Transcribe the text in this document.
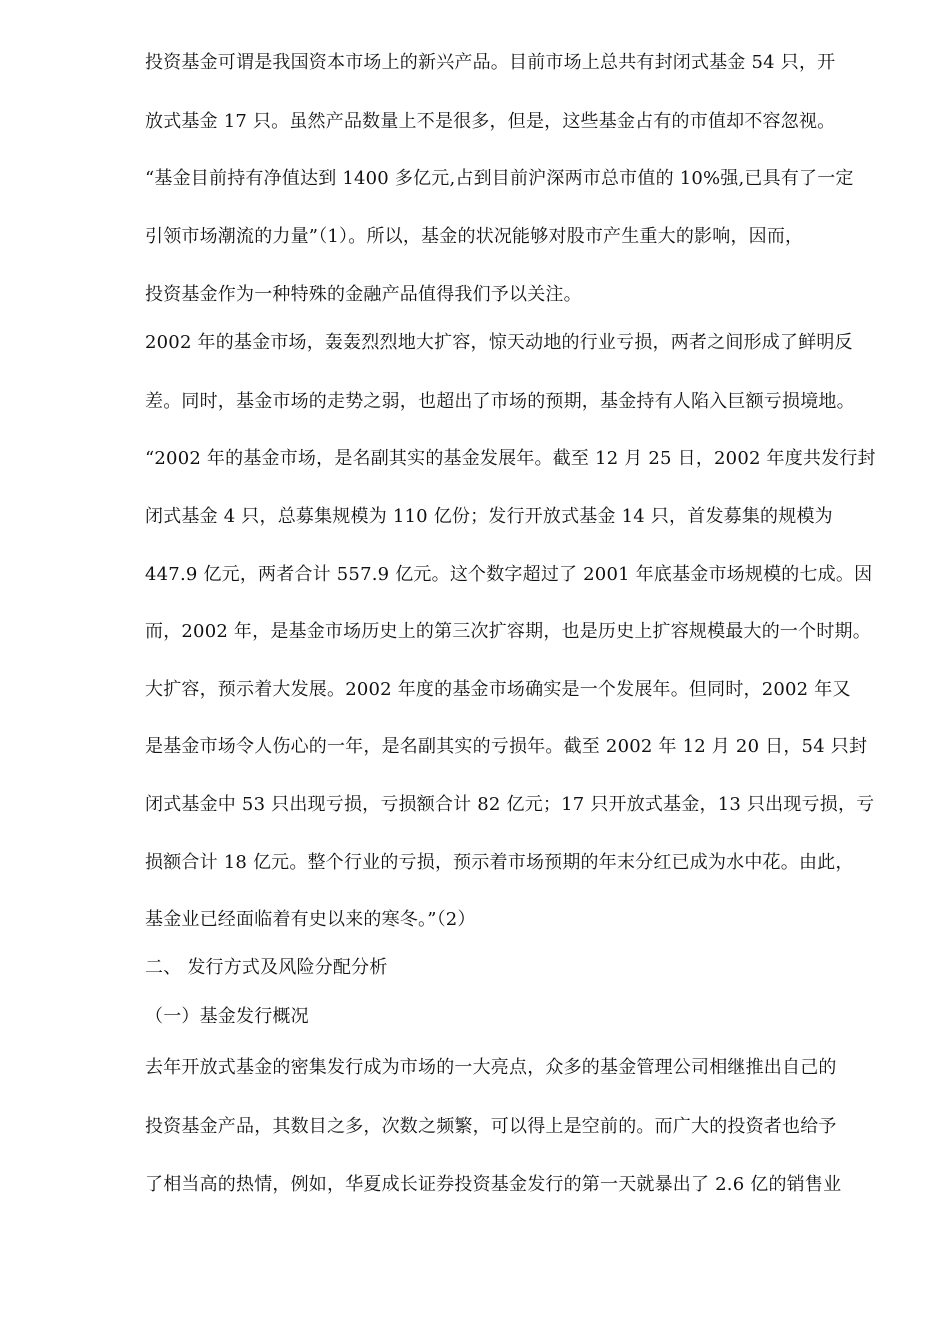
投资基金可谓是我国资本市场上的新兴产品。目前市场上总共有封闭式基金 54 只，开
放式基金 17 只。虽然产品数量上不是很多，但是，这些基金占有的市值却不容忽视。
“基金目前持有净值达到 1400 多亿元,占到目前沪深两市总市值的 10%强,已具有了一定
引领市场潮流的力量”（1）。所以，基金的状况能够对股市产生重大的影响，因而，
投资基金作为一种特殊的金融产品值得我们予以关注。
2002 年的基金市场，轰轰烈烈地大扩容，惊天动地的行业亏损，两者之间形成了鲜明反
差。同时，基金市场的走势之弱，也超出了市场的预期，基金持有人陷入巨额亏损境地。
“2002 年的基金市场，是名副其实的基金发展年。截至 12 月 25 日，2002 年度共发行封
闭式基金 4 只，总募集规模为 110 亿份；发行开放式基金 14 只，首发募集的规模为
447.9 亿元，两者合计 557.9 亿元。这个数字超过了 2001 年底基金市场规模的七成。因
而，2002 年，是基金市场历史上的第三次扩容期，也是历史上扩容规模最大的一个时期。
大扩容，预示着大发展。2002 年度的基金市场确实是一个发展年。但同时，2002 年又
是基金市场令人伤心的一年，是名副其实的亏损年。截至 2002 年 12 月 20 日，54 只封
闭式基金中 53 只出现亏损，亏损额合计 82 亿元；17 只开放式基金，13 只出现亏损，亏
损额合计 18 亿元。整个行业的亏损，预示着市场预期的年末分红已成为水中花。由此，
基金业已经面临着有史以来的寒冬。”（2）
二、 发行方式及风险分配分析
（一）基金发行概况
去年开放式基金的密集发行成为市场的一大亮点，众多的基金管理公司相继推出自己的
投资基金产品，其数目之多，次数之频繁，可以得上是空前的。而广大的投资者也给予
了相当高的热情，例如，华夏成长证券投资基金发行的第一天就暴出了 2.6 亿的销售业
